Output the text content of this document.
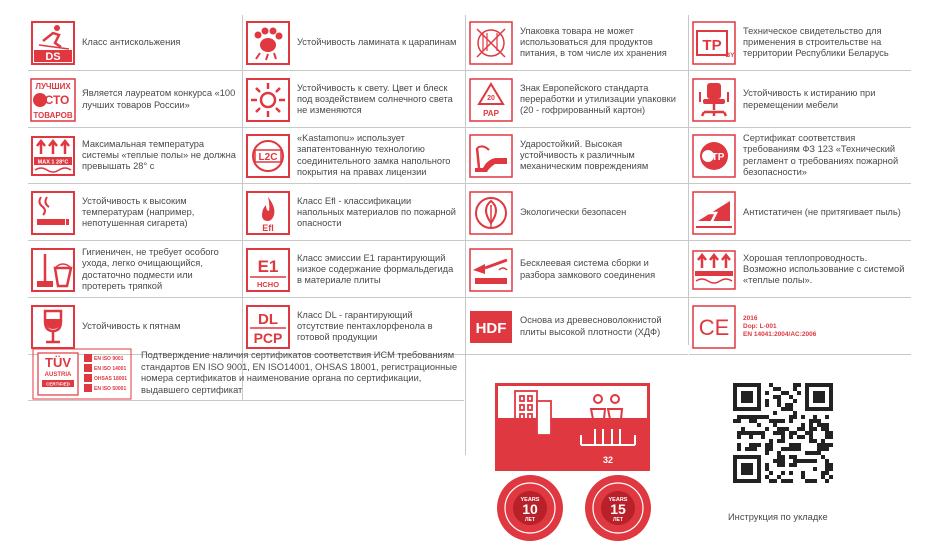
DS
Класс антискольжения
ЛУЧШИХ
СТО
ТОВАРОВ
Является лауреатом конкурса «100 лучших товаров России»
MAX 1 28°C
Максимальная температура системы «теплые полы» не должна превышать 28° c
Устойчивость к высоким температурам (например, непотушенная сигарета)
Гигиеничен, не требует особого ухода, легко очищающийся, достаточно подмести или протереть тряпкой
Устойчивость к пятнам
Устойчивость ламината к царапинам
Устойчивость к свету. Цвет и блеск под воздействием солнечного света не изменяются
L2C
«Kastamonu» использует запатентованную технологию соединительного замка напольного покрытия на правах лицензии
Efl
Класс Efl - классификации напольных материалов по пожарной опасности
E1
НСНО
Класс эмиссии Е1 гарантирующий низкое содержание формальдегида в материале плиты
DL
PCP
Класс DL - гарантирующий отсутствие пентахлорфенола в готовой продукции
Упаковка товара не может использоваться для продуктов питания, в том числе их хранения
20
PAP
Знак Европейского стандарта переработки и утилизации упаковки (20 - гофрированный картон)
Ударостойкий. Высокая устойчивость к различным механическим повреждениям
Экологически безопасен
Бесклеевая система сборки и разбора замкового соединения
HDF Основа из древесноволокнистой плиты высокой плотности (ХДФ)
TP
BY
Техническое свидетельство для применения в строительстве на территории Республики Беларусь
Устойчивость к истиранию при перемещении мебели
ТР
Сертификат соответствия требованиям ФЗ 123 «Технический регламент о требованиях пожарной безопасности»
Антистатичен (не притягивает пыль)
Хорошая теплопроводность. Возможно использование с системой «теплые полы».
CE 2016
Dop: L-001
EN 14041:2004/AC:2006
TÜV
AUSTRIA
CERTIFIED
EN ISO 9001
EN ISO 14001
OHSAS 18001
EN ISO 50001
Подтверждение наличия сертификатов соответствия ИСМ требованиям стандартов EN ISO 9001, EN ISO14001, OHSAS 18001, регистрационные номера сертификатов и наименование органа по сертификации, выдавшего сертификат
32
YEARS
10
ЛЕТ
YEARS
15
ЛЕТ	Инструкция по укладке
